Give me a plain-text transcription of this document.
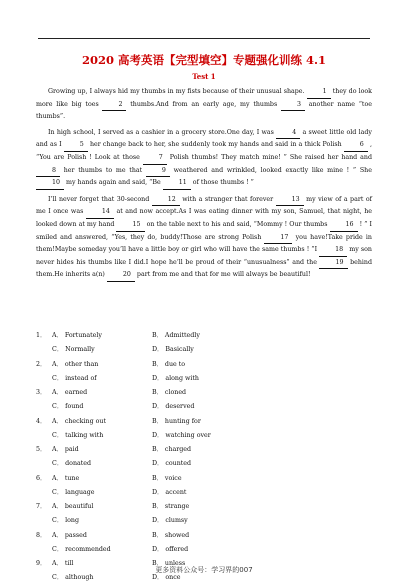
2020 高考英语【完型填空】专题强化训练 4.1
Test 1

Growing up, I always hid my thumbs in my fists because of their unusual shape.	1 they do look more like big toes	2 thumbs.And from an early age, my thumbs	3 another name “toe thumbs”.

In high school, I served as a cashier in a grocery store.One day, I was	4 a sweet little old lady and as I	5 her change back to her, she suddenly took my hands and said in a thick Polish	6 , “You are Polish ! Look at those	7 Polish thumbs! They match mine! ” She raised her hand and 8 her thumbs to me that	9 weathered and wrinkled, looked exactly like mine ! ” She 10 my hands again and said, “Be	11 of those thumbs ! ”

I’ll never forget that 30-second	12 with a stranger that forever	13 my view of a part of me I once was	14 at and now accept.As I was eating dinner with my son, Samuel, that night, he looked down at my hand	15 on the table next to his and said, “Mommy ! Our thumbs	16 ! ” I smiled and answered, “Yes, they do, buddy!Those are strong Polish	17 you have!Take pride in them!Maybe someday you’ll have a little boy or girl who will have the same thumbs ! ”I	18 my son never hides his thumbs like I did.I hope he’ll be proud of their “unusualness” and the	19 behind them.He inherits a(n)	20 part from me and that for me will always be beautiful!

1． A． Fortunately	B． Admittedly
C． Normally	D． Basically
2． A． other than	B． due to
C． instead of	D． along with
3． A． earned	B． cloned
C． found	D． deserved
4． A． checking out	B． hunting for
C． talking with	D． watching over
5． A． paid	B． charged
C． donated	D． counted
6． A． tune	B． voice
C． language	D． accent
7． A． beautiful	B． strange
C． long	D． clumsy
8． A． passed	B． showed
C． recommended	D． offered
9． A． till	B． unless
C． although	D． once
更多资料公众号：学习界的007
